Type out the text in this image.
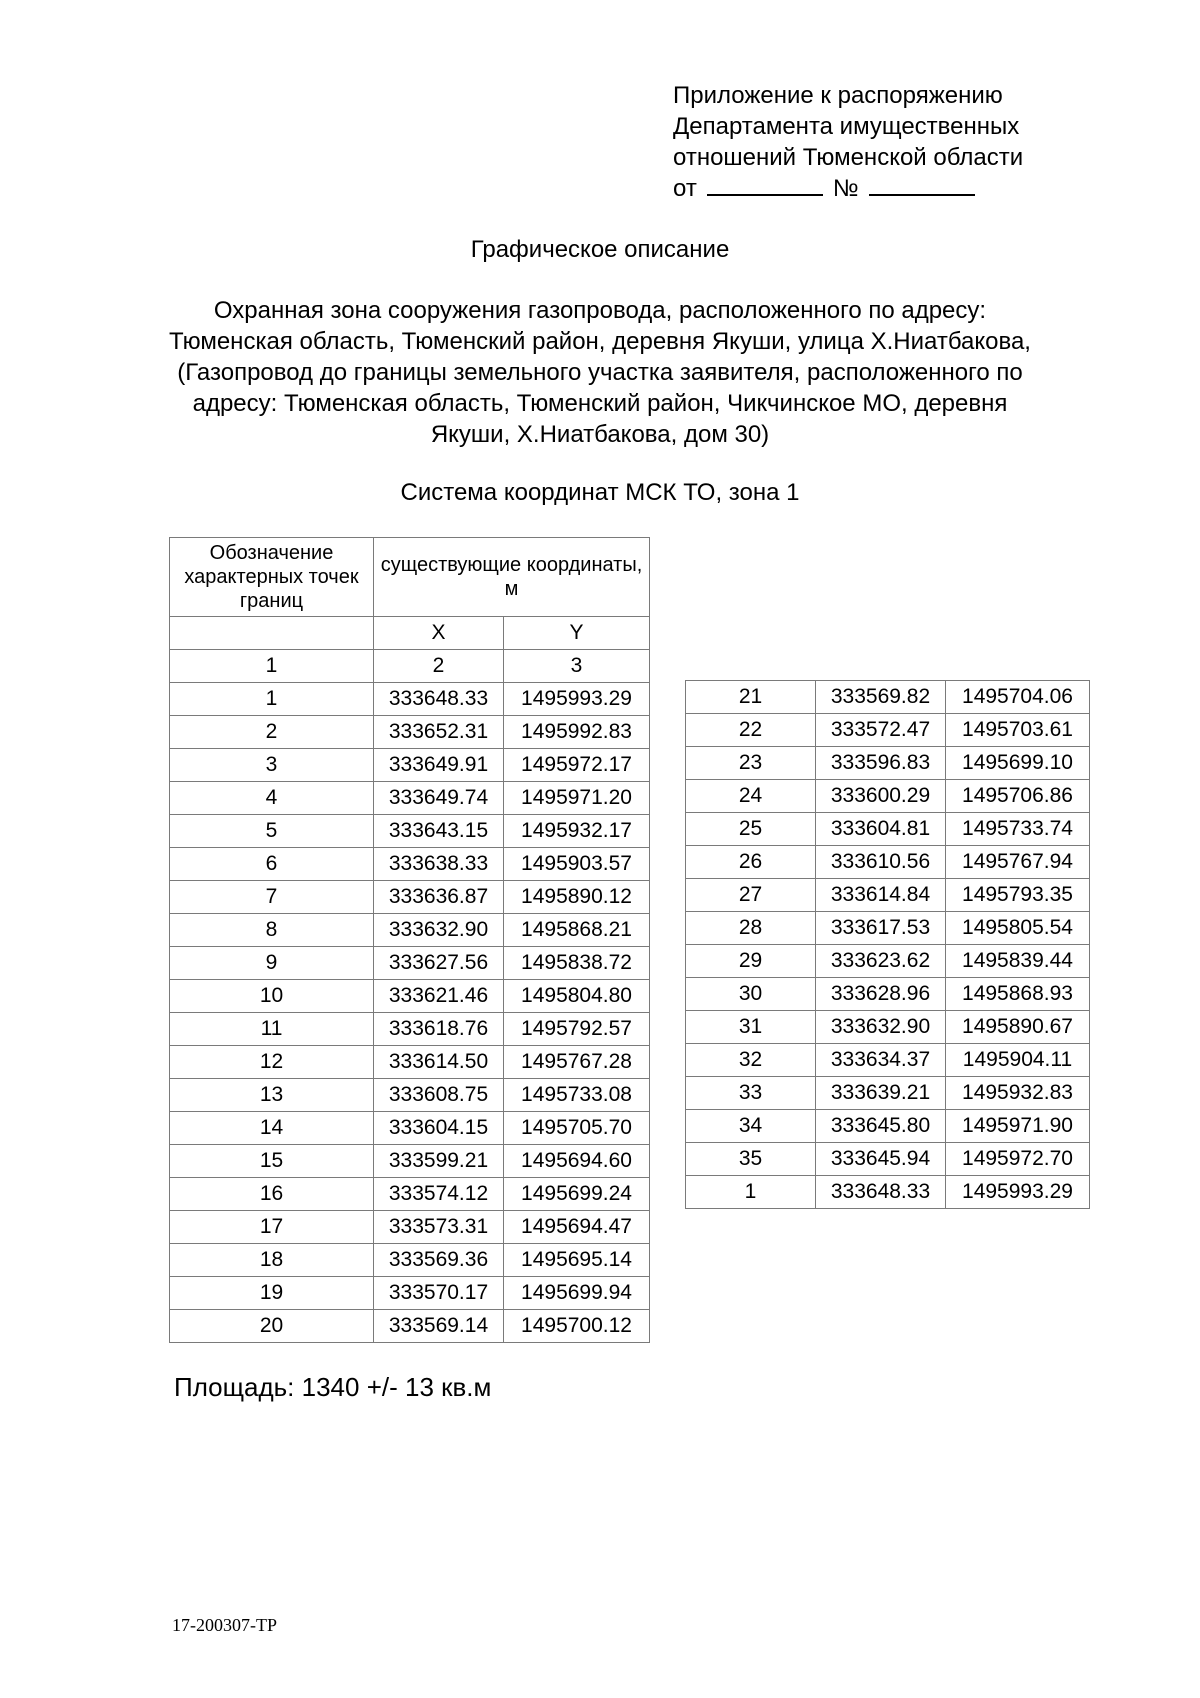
Приложение к распоряжению
Департамента имущественных
отношений Тюменской области
от	№
Графическое описание
Охранная зона сооружения газопровода, расположенного по адресу:
Тюменская область, Тюменский район, деревня Якуши, улица Х.Ниатбакова,
(Газопровод до границы земельного участка заявителя, расположенного по
адресу: Тюменская область, Тюменский район, Чикчинское МО, деревня
Якуши, Х.Ниатбакова, дом 30)
Система координат МСК ТО, зона 1
Обозначение характерных точек границ	существующие координаты, м	
	X	Y
1	2	3
1	333648.33	1495993.29
2	333652.31	1495992.83
3	333649.91	1495972.17
4	333649.74	1495971.20
5	333643.15	1495932.17
6	333638.33	1495903.57
7	333636.87	1495890.12
8	333632.90	1495868.21
9	333627.56	1495838.72
10	333621.46	1495804.80
11	333618.76	1495792.57
12	333614.50	1495767.28
13	333608.75	1495733.08
14	333604.15	1495705.70
15	333599.21	1495694.60
16	333574.12	1495699.24
17	333573.31	1495694.47
18	333569.36	1495695.14
19	333570.17	1495699.94
20	333569.14	1495700.12
21	333569.82	1495704.06
22	333572.47	1495703.61
23	333596.83	1495699.10
24	333600.29	1495706.86
25	333604.81	1495733.74
26	333610.56	1495767.94
27	333614.84	1495793.35
28	333617.53	1495805.54
29	333623.62	1495839.44
30	333628.96	1495868.93
31	333632.90	1495890.67
32	333634.37	1495904.11
33	333639.21	1495932.83
34	333645.80	1495971.90
35	333645.94	1495972.70
1	333648.33	1495993.29
Площадь: 1340 +/- 13 кв.м
17-200307-ТР
